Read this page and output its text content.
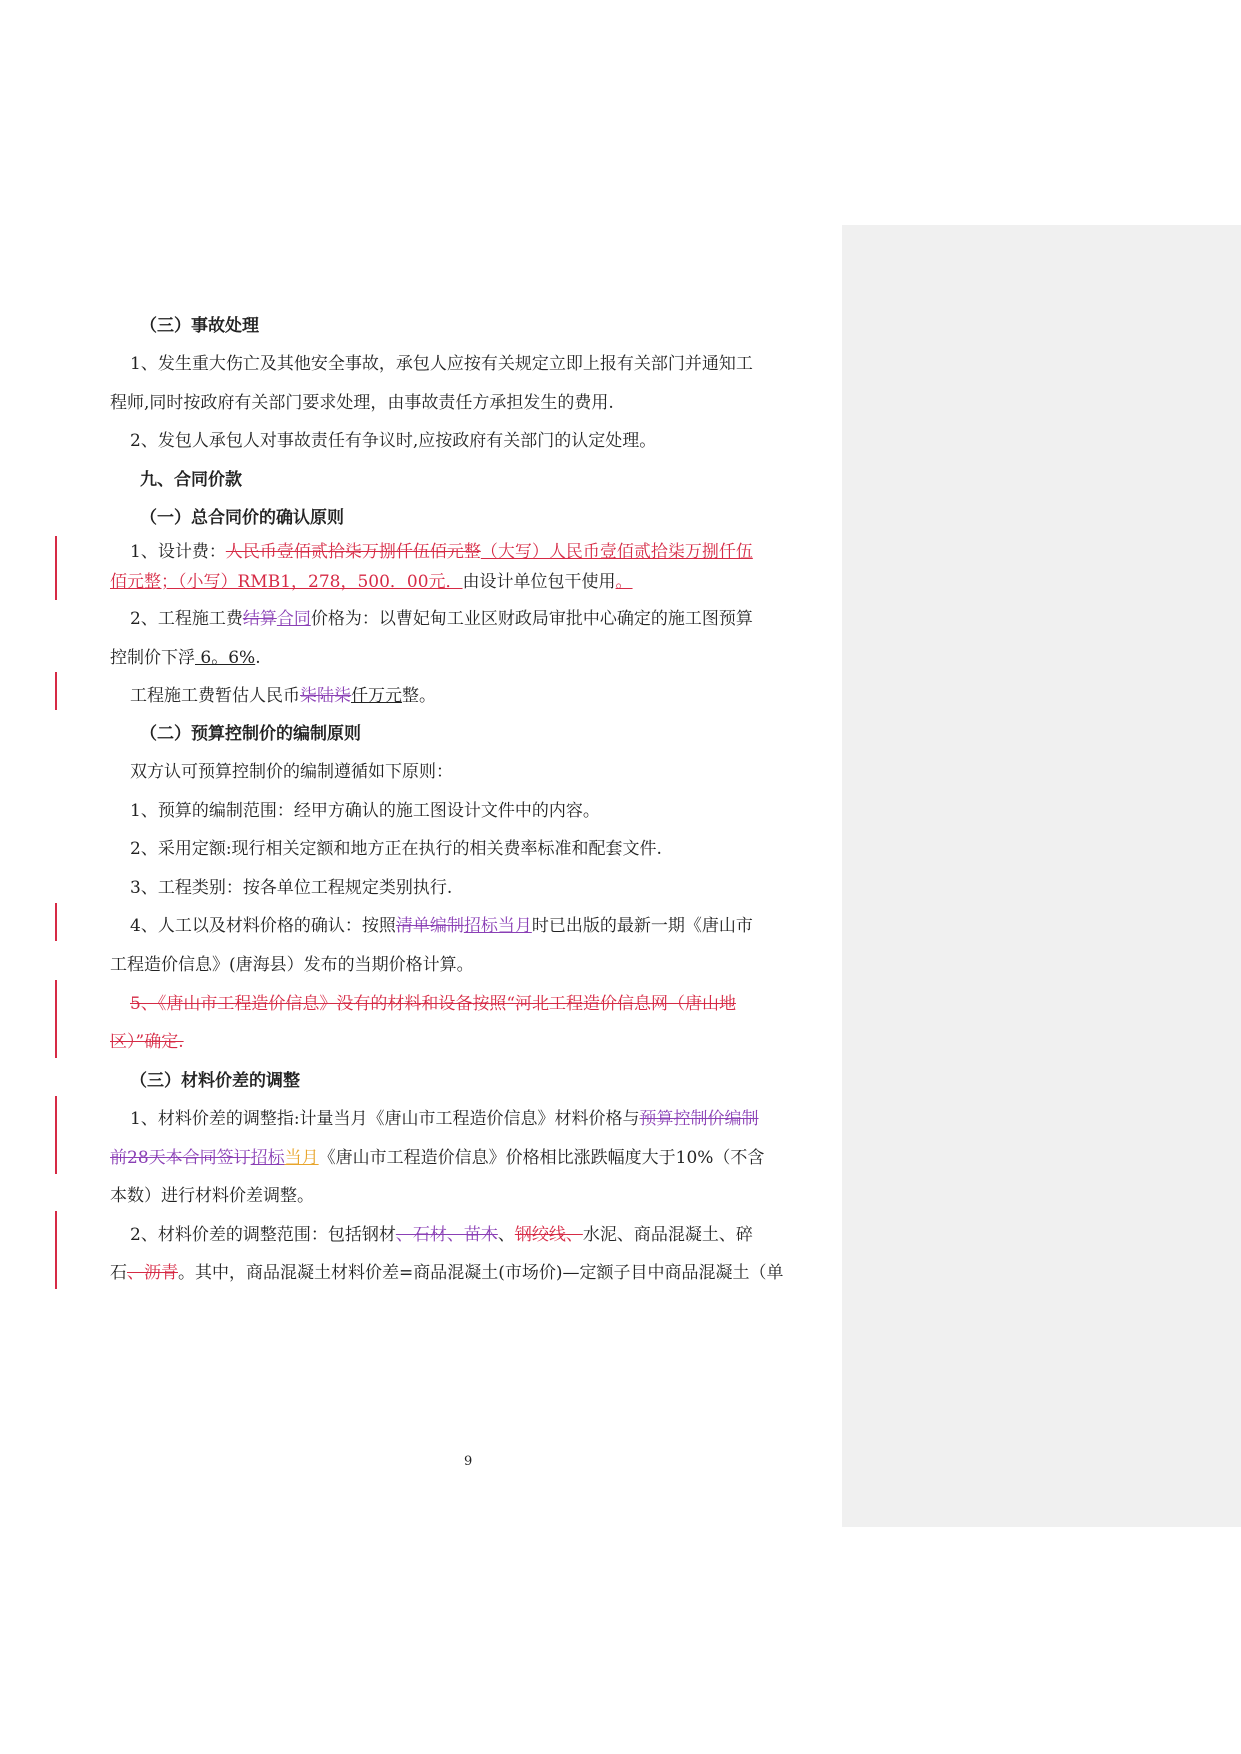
（三）事故处理
1、发生重大伤亡及其他安全事故，承包人应按有关规定立即上报有关部门并通知工
程师,同时按政府有关部门要求处理，由事故责任方承担发生的费用.
2、发包人承包人对事故责任有争议时,应按政府有关部门的认定处理。
九、合同价款
（一）总合同价的确认原则
1、设计费：人民币壹佰贰拾柒万捌仟伍佰元整（大写）人民币壹佰贰拾柒万捌仟伍
佰元整；（小写）RMB1，278，500．00元．由设计单位包干使用。
2、工程施工费结算合同价格为：以曹妃甸工业区财政局审批中心确定的施工图预算
控制价下浮 6。6%.
工程施工费暂估人民币柒陆柒仟万元整。
（二）预算控制价的编制原则
双方认可预算控制价的编制遵循如下原则：
1、预算的编制范围：经甲方确认的施工图设计文件中的内容。
2、采用定额:现行相关定额和地方正在执行的相关费率标准和配套文件.
3、工程类别：按各单位工程规定类别执行.
4、人工以及材料价格的确认：按照清单编制招标当月时已出版的最新一期《唐山市
工程造价信息》(唐海县）发布的当期价格计算。
5、《唐山市工程造价信息》没有的材料和设备按照“河北工程造价信息网（唐山地
区）”确定.
（三）材料价差的调整
1、材料价差的调整指:计量当月《唐山市工程造价信息》材料价格与预算控制价编制
前28天本合同签订招标当月《唐山市工程造价信息》价格相比涨跌幅度大于10%（不含
本数）进行材料价差调整。
2、材料价差的调整范围：包括钢材、石材、苗木、钢绞线、水泥、商品混凝土、碎
石、沥青。其中，商品混凝土材料价差=商品混凝土(市场价)—定额子目中商品混凝土（单
9
